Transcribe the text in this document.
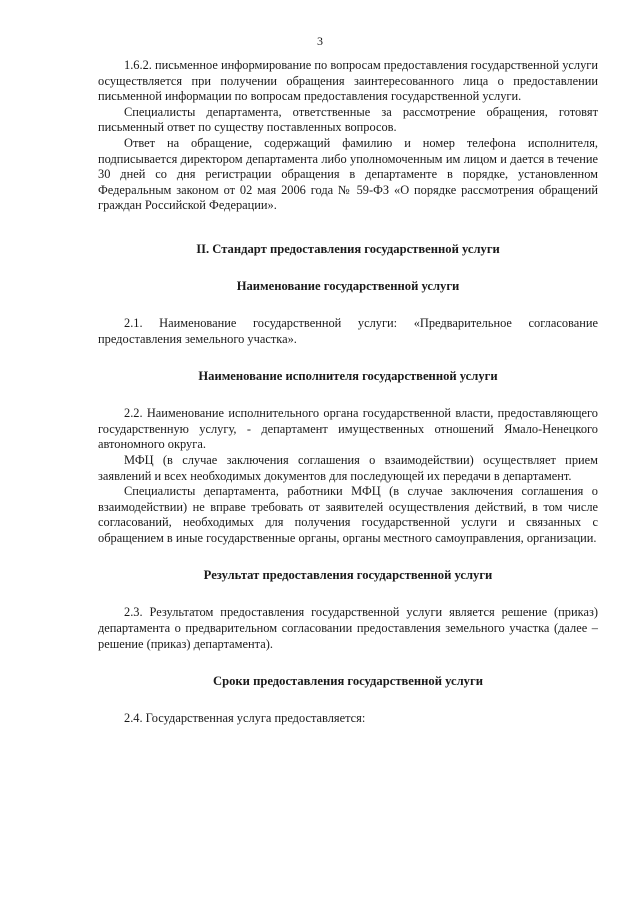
3

1.6.2. письменное информирование по вопросам предоставления государственной услуги осуществляется при получении обращения заинтересованного лица о предоставлении письменной информации по вопросам предоставления государственной услуги.

Специалисты департамента, ответственные за рассмотрение обращения, готовят письменный ответ по существу поставленных вопросов.

Ответ на обращение, содержащий фамилию и номер телефона исполнителя, подписывается директором департамента либо уполномоченным им лицом и дается в течение 30 дней со дня регистрации обращения в департаменте в порядке, установленном Федеральным законом от 02 мая 2006 года № 59-ФЗ «О порядке рассмотрения обращений граждан Российской Федерации».

II. Стандарт предоставления государственной услуги
Наименование государственной услуги

2.1. Наименование государственной услуги: «Предварительное согласование предоставления земельного участка».

Наименование исполнителя государственной услуги

2.2. Наименование исполнительного органа государственной власти, предоставляющего государственную услугу, - департамент имущественных отношений Ямало-Ненецкого автономного округа.

МФЦ (в случае заключения соглашения о взаимодействии) осуществляет прием заявлений и всех необходимых документов для последующей их передачи в департамент.

Специалисты департамента, работники МФЦ (в случае заключения соглашения о взаимодействии) не вправе требовать от заявителей осуществления действий, в том числе согласований, необходимых для получения государственной услуги и связанных с обращением в иные государственные органы, органы местного самоуправления, организации.

Результат предоставления государственной услуги

2.3. Результатом предоставления государственной услуги является решение (приказ) департамента о предварительном согласовании предоставления земельного участка (далее – решение (приказ) департамента).

Сроки предоставления государственной услуги

2.4. Государственная услуга предоставляется:
